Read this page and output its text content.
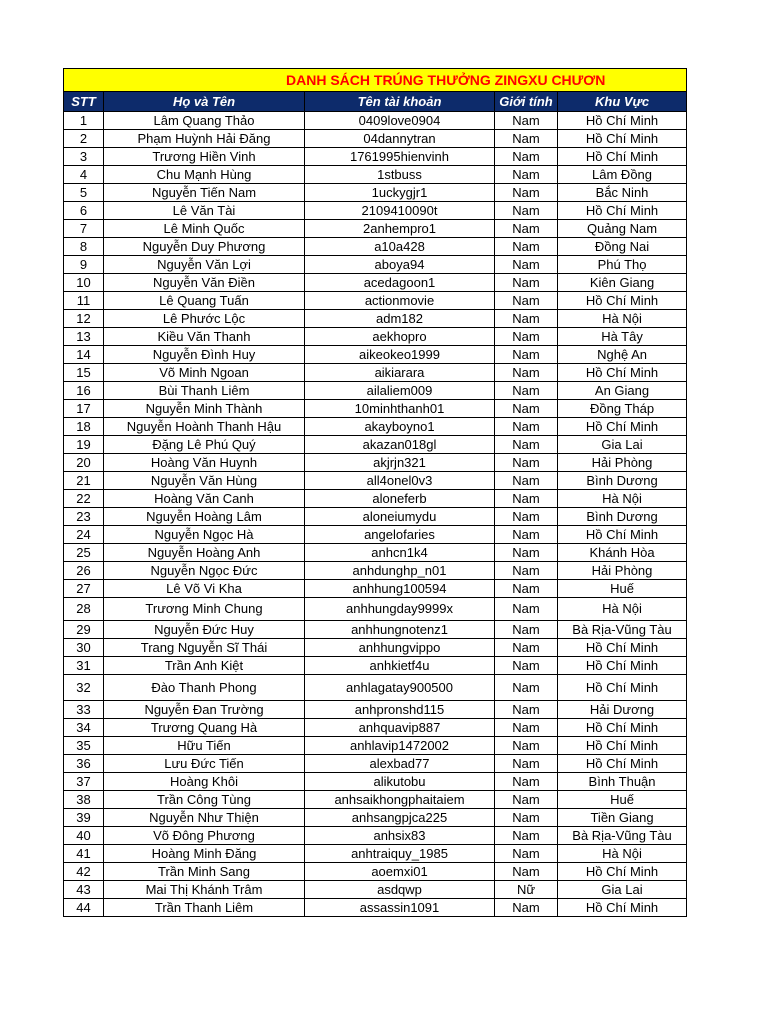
DANH SÁCH TRÚNG THƯỞNG ZINGXU CHƯƠN				
STT	Họ và Tên	Tên tài khoản	Giới tính	Khu Vực
1	Lâm Quang Thảo	0409love0904	Nam	Hồ Chí Minh
2	Phạm Huỳnh Hải Đăng	04dannytran	Nam	Hồ Chí Minh
3	Trương Hiền Vinh	1761995hienvinh	Nam	Hồ Chí Minh
4	Chu Mạnh Hùng	1stbuss	Nam	Lâm Đồng
5	Nguyễn Tiến Nam	1uckygjr1	Nam	Bắc Ninh
6	Lê Văn Tài	2109410090t	Nam	Hồ Chí Minh
7	Lê Minh Quốc	2anhempro1	Nam	Quảng Nam
8	Nguyễn Duy Phương	a10a428	Nam	Đồng Nai
9	Nguyễn Văn Lợi	aboya94	Nam	Phú Thọ
10	Nguyễn Văn Điền	acedagoon1	Nam	Kiên Giang
11	Lê Quang Tuấn	actionmovie	Nam	Hồ Chí Minh
12	Lê Phước Lộc	adm182	Nam	Hà Nội
13	Kiều Văn Thanh	aekhopro	Nam	Hà Tây
14	Nguyễn Đình Huy	aikeokeo1999	Nam	Nghệ An
15	Võ Minh Ngoan	aikiarara	Nam	Hồ Chí Minh
16	Bùi Thanh Liêm	ailaliem009	Nam	An Giang
17	Nguyễn Minh Thành	10minhthanh01	Nam	Đồng Tháp
18	Nguyễn Hoành Thanh Hậu	akayboyno1	Nam	Hồ Chí Minh
19	Đặng Lê Phú Quý	akazan018gl	Nam	Gia Lai
20	Hoàng Văn Huynh	akjrjn321	Nam	Hải Phòng
21	Nguyễn Văn Hùng	all4onel0v3	Nam	Bình Dương
22	Hoàng Văn Canh	aloneferb	Nam	Hà Nội
23	Nguyễn Hoàng Lâm	aloneiumydu	Nam	Bình Dương
24	Nguyễn Ngọc Hà	angelofaries	Nam	Hồ Chí Minh
25	Nguyễn Hoàng Anh	anhcn1k4	Nam	Khánh Hòa
26	Nguyễn Ngọc Đức	anhdunghp_n01	Nam	Hải Phòng
27	Lê Võ Vi Kha	anhhung100594	Nam	Huế
28	Trương Minh Chung	anhhungday9999x	Nam	Hà Nội
29	Nguyễn Đức Huy	anhhungnotenz1	Nam	Bà Rịa-Vũng Tàu
30	Trang Nguyễn Sĩ Thái	anhhungvippo	Nam	Hồ Chí Minh
31	Trần Anh Kiệt	anhkietf4u	Nam	Hồ Chí Minh
32	Đào Thanh Phong	anhlagatay900500	Nam	Hồ Chí Minh
33	Nguyễn Đan Trường	anhpronshd115	Nam	Hải Dương
34	Trương Quang Hà	anhquavip887	Nam	Hồ Chí Minh
35	Hữu Tiến	anhlavip1472002	Nam	Hồ Chí Minh
36	Lưu Đức Tiến	alexbad77	Nam	Hồ Chí Minh
37	Hoàng Khôi	alikutobu	Nam	Bình Thuận
38	Trần Công Tùng	anhsaikhongphaitaiem	Nam	Huế
39	Nguyễn Như Thiện	anhsangpjca225	Nam	Tiền Giang
40	Võ Đông Phương	anhsix83	Nam	Bà Rịa-Vũng Tàu
41	Hoàng Minh Đăng	anhtraiquy_1985	Nam	Hà Nội
42	Trần Minh Sang	aoemxi01	Nam	Hồ Chí Minh
43	Mai Thị Khánh Trâm	asdqwp	Nữ	Gia Lai
44	Trần Thanh Liêm	assassin1091	Nam	Hồ Chí Minh
